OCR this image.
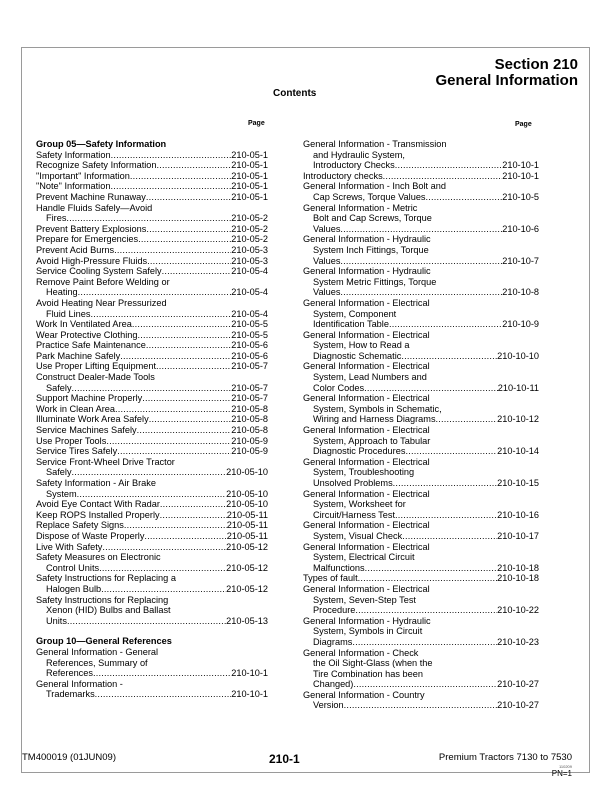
Section 210
General Information
Contents
Page	Page
Group 05—Safety Information
Safety Information .....	210-05-1
Recognize Safety Information .....	210-05-1
"Important" Information .....	210-05-1
"Note" Information .....	210-05-1
Prevent Machine Runaway .....	210-05-1
Handle Fluids Safely—Avoid
Fires .....	210-05-2
Prevent Battery Explosions .....	210-05-2
Prepare for Emergencies .....	210-05-2
Prevent Acid Burns .....	210-05-3
Avoid High-Pressure Fluids .....	210-05-3
Service Cooling System Safely .....	210-05-4
Remove Paint Before Welding or
Heating .....	210-05-4
Avoid Heating Near Pressurized
Fluid Lines .....	210-05-4
Work In Ventilated Area .....	210-05-5
Wear Protective Clothing .....	210-05-5
Practice Safe Maintenance .....	210-05-6
Park Machine Safely .....	210-05-6
Use Proper Lifting Equipment .....	210-05-7
Construct Dealer-Made Tools
Safely .....	210-05-7
Support Machine Properly .....	210-05-7
Work in Clean Area .....	210-05-8
Illuminate Work Area Safely .....	210-05-8
Service Machines Safely .....	210-05-8
Use Proper Tools .....	210-05-9
Service Tires Safely .....	210-05-9
Service Front-Wheel Drive Tractor
Safely .....	210-05-10
Safety Information - Air Brake
System .....	210-05-10
Avoid Eye Contact With Radar .....	210-05-10
Keep ROPS Installed Properly .....	210-05-11
Replace Safety Signs .....	210-05-11
Dispose of Waste Properly .....	210-05-11
Live With Safety .....	210-05-12
Safety Measures on Electronic
Control Units .....	210-05-12
Safety Instructions for Replacing a
Halogen Bulb .....	210-05-12
Safety Instructions for Replacing
Xenon (HID) Bulbs and Ballast
Units .....	210-05-13
Group 10—General References
General Information - General
References, Summary of
References .....	210-10-1
General Information -
Trademarks .....	210-10-1
General Information - Transmission
and Hydraulic System,
Introductory Checks .....	210-10-1
Introductory checks .....	210-10-1
General Information - Inch Bolt and
Cap Screws, Torque Values .....	210-10-5
General Information - Metric
Bolt and Cap Screws, Torque
Values .....	210-10-6
General Information - Hydraulic
System Inch Fittings, Torque
Values .....	210-10-7
General Information - Hydraulic
System Metric Fittings, Torque
Values .....	210-10-8
General Information - Electrical
System, Component
Identification Table .....	210-10-9
General Information - Electrical
System, How to Read a
Diagnostic Schematic .....	210-10-10
General Information - Electrical
System, Lead Numbers and
Color Codes .....	210-10-11
General Information - Electrical
System, Symbols in Schematic,
Wiring and Harness Diagrams .....	210-10-12
General Information - Electrical
System, Approach to Tabular
Diagnostic Procedures .....	210-10-14
General Information - Electrical
System, Troubleshooting
Unsolved Problems .....	210-10-15
General Information - Electrical
System, Worksheet for
Circuit/Harness Test .....	210-10-16
General Information - Electrical
System, Visual Check .....	210-10-17
General Information - Electrical
System, Electrical Circuit
Malfunctions .....	210-10-18
Types of fault .....	210-10-18
General Information - Electrical
System, Seven-Step Test
Procedure .....	210-10-22
General Information - Hydraulic
System, Symbols in Circuit
Diagrams .....	210-10-23
General Information - Check
the Oil Sight-Glass (when the
Tire Combination has been
Changed) .....	210-10-27
General Information - Country
Version .....	210-10-27
TM400019 (01JUN09)	210-1	Premium Tractors 7130 to 7530
110209
PN=1
